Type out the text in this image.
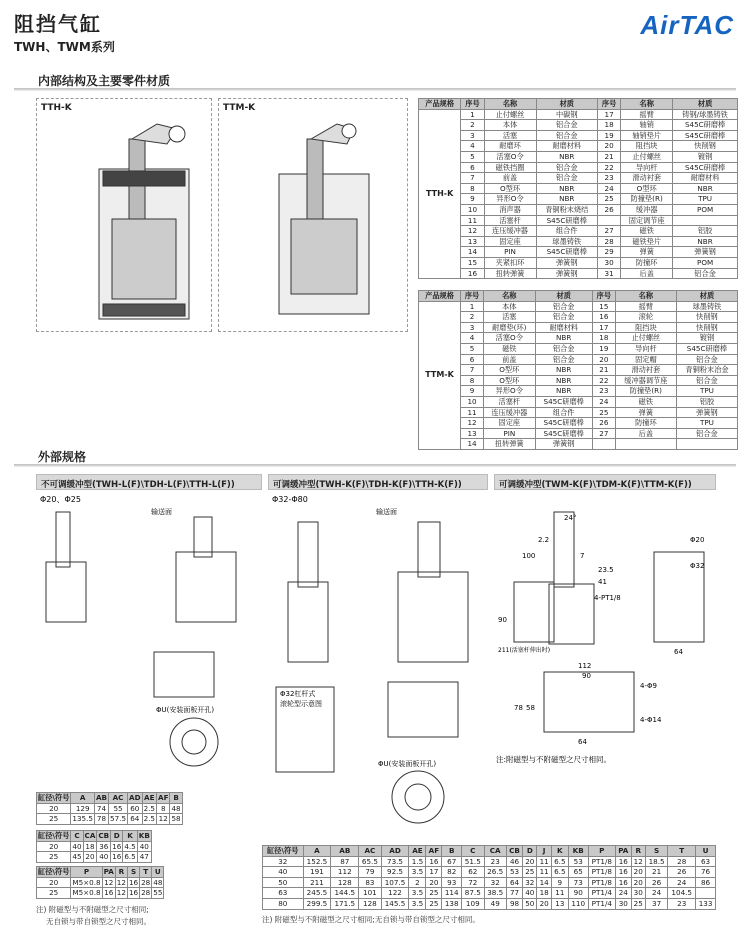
阻挡气缸
TWH、TWM系列
AirTAC
内部结构及主要零件材质
TTH-K	TTM-K	产品规格	序号	名称	材质	序号	名称	材质
TTH-K	1	止付螺丝	中碳钢	17	摇臂	铸钢/球墨铸铁
	2	本体	铝合金	18	轴销	S45C研磨棒
	3	活塞	铝合金	19	轴销垫片	S45C研磨棒
	4	耐磨环	耐磨材料	20	阻挡块	快削钢
	5	活塞O令	NBR	21	止付螺丝	镀钢
	6	磁铁挡圈	铝合金	22	导向杆	S45C研磨棒
	7	前盖	铝合金	23	滑动衬套	耐磨材料
	8	O型环	NBR	24	O型环	NBR
	9	异形O令	NBR	25	防撞垫(R)	TPU
	10	消声器	青铜粉末烧结	26	缓冲器	POM
	11	活塞杆	S45C研磨棒		固定调节座	
	12	连压缓冲器	组合件	27	磁铁	铝胶
	13	固定座	球墨铸铁	28	磁铁垫片	NBR
	14	PIN	S45C研磨棒	29	弹簧	弹簧钢
	15	夹紧扣环	弹簧钢	30	防撞环	POM
	16	扭转弹簧	弹簧钢	31	后盖	铝合金
产品规格	序号	名称	材质	序号	名称	材质
TTM-K	1	本体	铝合金	15	摇臂	球墨铸铁
	2	活塞	铝合金	16	滚轮	快削钢
	3	耐磨垫(环)	耐磨材料	17	阻挡块	快削钢
	4	活塞O令	NBR	18	止付螺丝	镀钢
	5	磁铁	铝合金	19	导向杆	S45C研磨棒
	6	前盖	铝合金	20	固定帽	铝合金
	7	O型环	NBR	21	滑动衬套	青铜粉末冶金
	8	O型环	NBR	22	缓冲器调节座	铝合金
	9	异形O令	NBR	23	防撞垫(R)	TPU
	10	活塞杆	S45C研磨棒	24	磁铁	铝胶
	11	连压缓冲器	组合件	25	弹簧	弹簧钢
	12	固定座	S45C研磨棒	26	防撞环	TPU
	13	PIN	S45C研磨棒	27	后盖	铝合金
	14	扭转弹簧	弹簧钢			
外部规格
不可调缓冲型(TWH-L(F)\TDH-L(F)\TTH-L(F))	可调缓冲型(TWH-K(F)\TDH-K(F)\TTH-K(F))	可调缓冲型(TWM-K(F)\TDM-K(F)\TTM-K(F))
Φ20、Φ25
输送面
ΦU(安装面板开孔)
Φ32-Φ80
输送面
Φ32杠杆式
滚轮型示意图
ΦU(安装面板开孔)
24°
2.2
100	7
23.5
41
90
211(活塞杆伸出时)
4-PT1/8
Φ20
Φ32
64
112
90
4-Φ9
4-Φ14
78 58
64
注:附磁型与不附磁型之尺寸相同。
缸径\符号	A	AB	AC	AD	AE	AF	B
20	129	74	55	60	2.5	8	48
25	135.5	78	57.5	64	2.5	12	58
缸径\符号	C	CA	CB	D	K	KB
20	40	18	36	16	4.5	40
25	45	20	40	16	6.5	47
缸径\符号	P	PA	R	S	T	U
20	M5×0.8	12	12	16	28	48
25	M5×0.8	16	12	16	28	55
注) 附磁型与不附磁型之尺寸相同;
无自锁与带自锁型之尺寸相同。
缸径\符号	A	AB	AC	AD	AE	AF	B	C	CA	CB	D	J	K	KB	P	PA	R	S	T	U
32	152.5	87	65.5	73.5	1.5	16	67	51.5	23	46	20	11	6.5	53	PT1/8	16	12	18.5	28	63
40	191	112	79	92.5	3.5	17	82	62	26.5	53	25	11	6.5	65	PT1/8	16	20	21	26	76
50	211	128	83	107.5	2	20	93	72	32	64	32	14	9	73	PT1/8	16	20	26	24	86
63	245.5	144.5	101	122	3.5	25	114	87.5	38.5	77	40	18	11	90	PT1/4	24	30	24	104.5	
80	299.5	171.5	128	145.5	3.5	25	138	109	49	98	50	20	13	110	PT1/4	30	25	37	23	133
注) 附磁型与不附磁型之尺寸相同;无自锁与带自锁型之尺寸相同。
